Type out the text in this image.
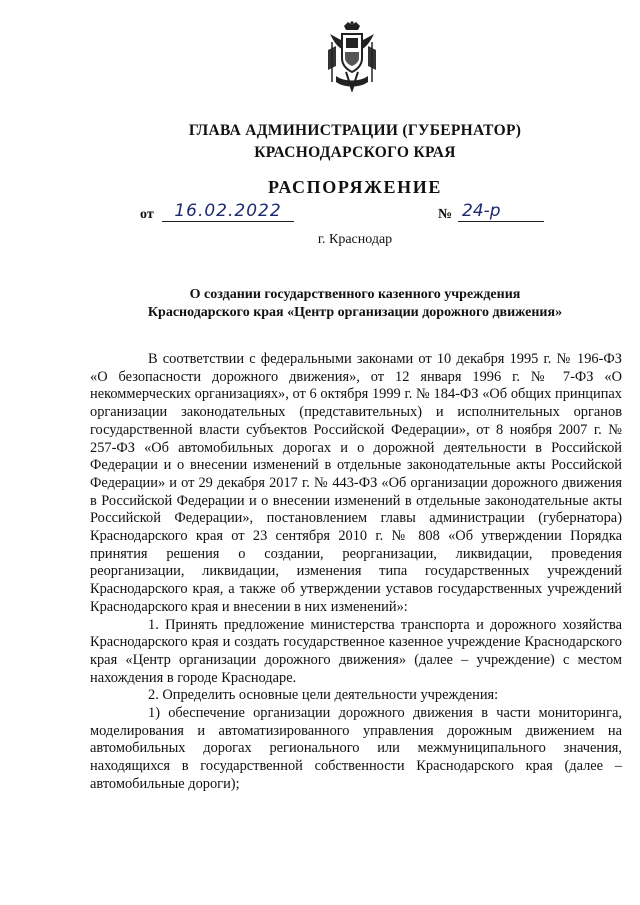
ГЛАВА АДМИНИСТРАЦИИ (ГУБЕРНАТОР)
КРАСНОДАРСКОГО КРАЯ
РАСПОРЯЖЕНИЕ
от	16.02.2022	№ 24-р
г. Краснодар
О создании государственного казенного учреждения
Краснодарского края «Центр организации дорожного движения»

В соответствии с федеральными законами от 10 декабря 1995 г. № 196-ФЗ «О безопасности дорожного движения», от 12 января 1996 г. № 7-ФЗ «О некоммерческих организациях», от 6 октября 1999 г. № 184-ФЗ «Об общих принципах организации законодательных (представительных) и исполнительных органов государственной власти субъектов Российской Федерации», от 8 ноября 2007 г. № 257-ФЗ «Об автомобильных дорогах и о дорожной деятельности в Российской Федерации и о внесении изменений в отдельные законодательные акты Российской Федерации» и от 29 декабря 2017 г. № 443-ФЗ «Об организации дорожного движения в Российской Федерации и о внесении изменений в отдельные законодательные акты Российской Федерации», постановлением главы администрации (губернатора) Краснодарского края от 23 сентября 2010 г. № 808 «Об утверждении Порядка принятия решения о создании, реорганизации, ликвидации, проведения реорганизации, ликвидации, изменения типа государственных учреждений Краснодарского края, а также об утверждении уставов государственных учреждений Краснодарского края и внесении в них изменений»:

1. Принять предложение министерства транспорта и дорожного хозяйства Краснодарского края и создать государственное казенное учреждение Краснодарского края «Центр организации дорожного движения» (далее – учреждение) с местом нахождения в городе Краснодаре.

2. Определить основные цели деятельности учреждения:

1) обеспечение организации дорожного движения в части мониторинга, моделирования и автоматизированного управления дорожным движением на автомобильных дорогах регионального или межмуниципального значения, находящихся в государственной собственности Краснодарского края (далее – автомобильные дороги);
